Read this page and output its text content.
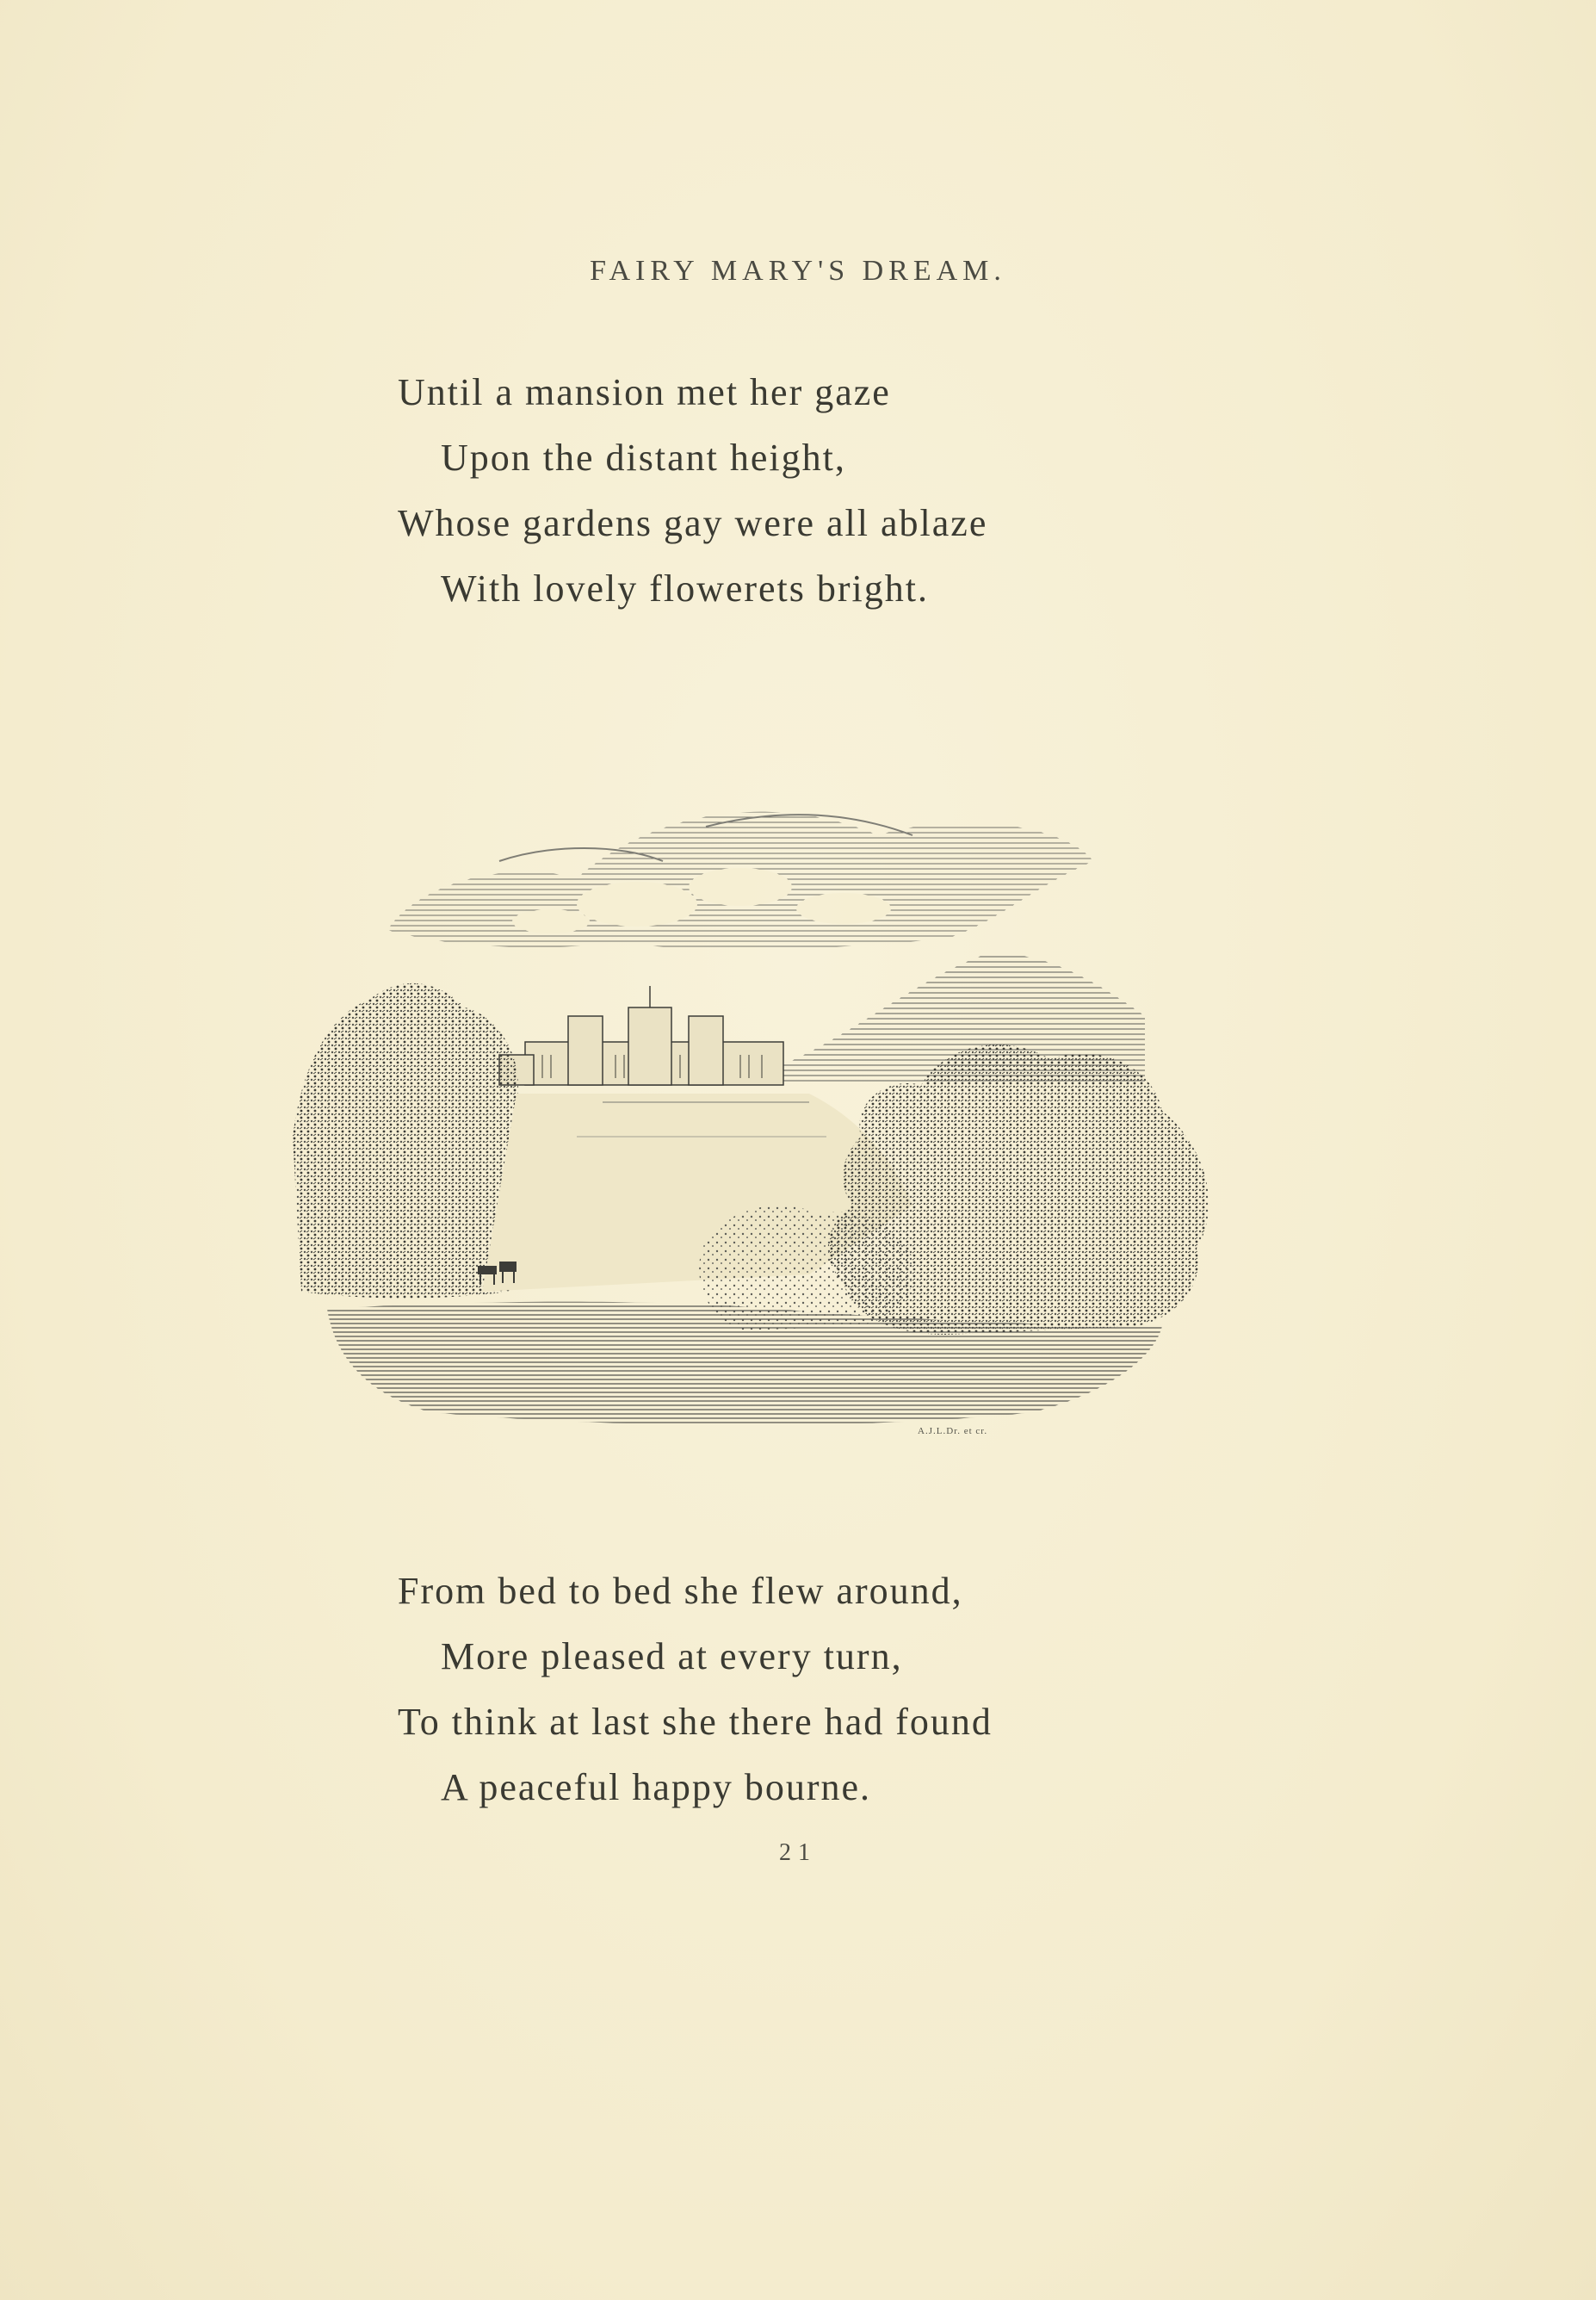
FAIRY MARY'S DREAM.
Until a mansion met her gaze
Upon the distant height,
Whose gardens gay were all ablaze
With lovely flowerets bright.
A.J.L.Dr. et cr.
From bed to bed she flew around,
More pleased at every turn,
To think at last she there had found
A peaceful happy bourne.
21
